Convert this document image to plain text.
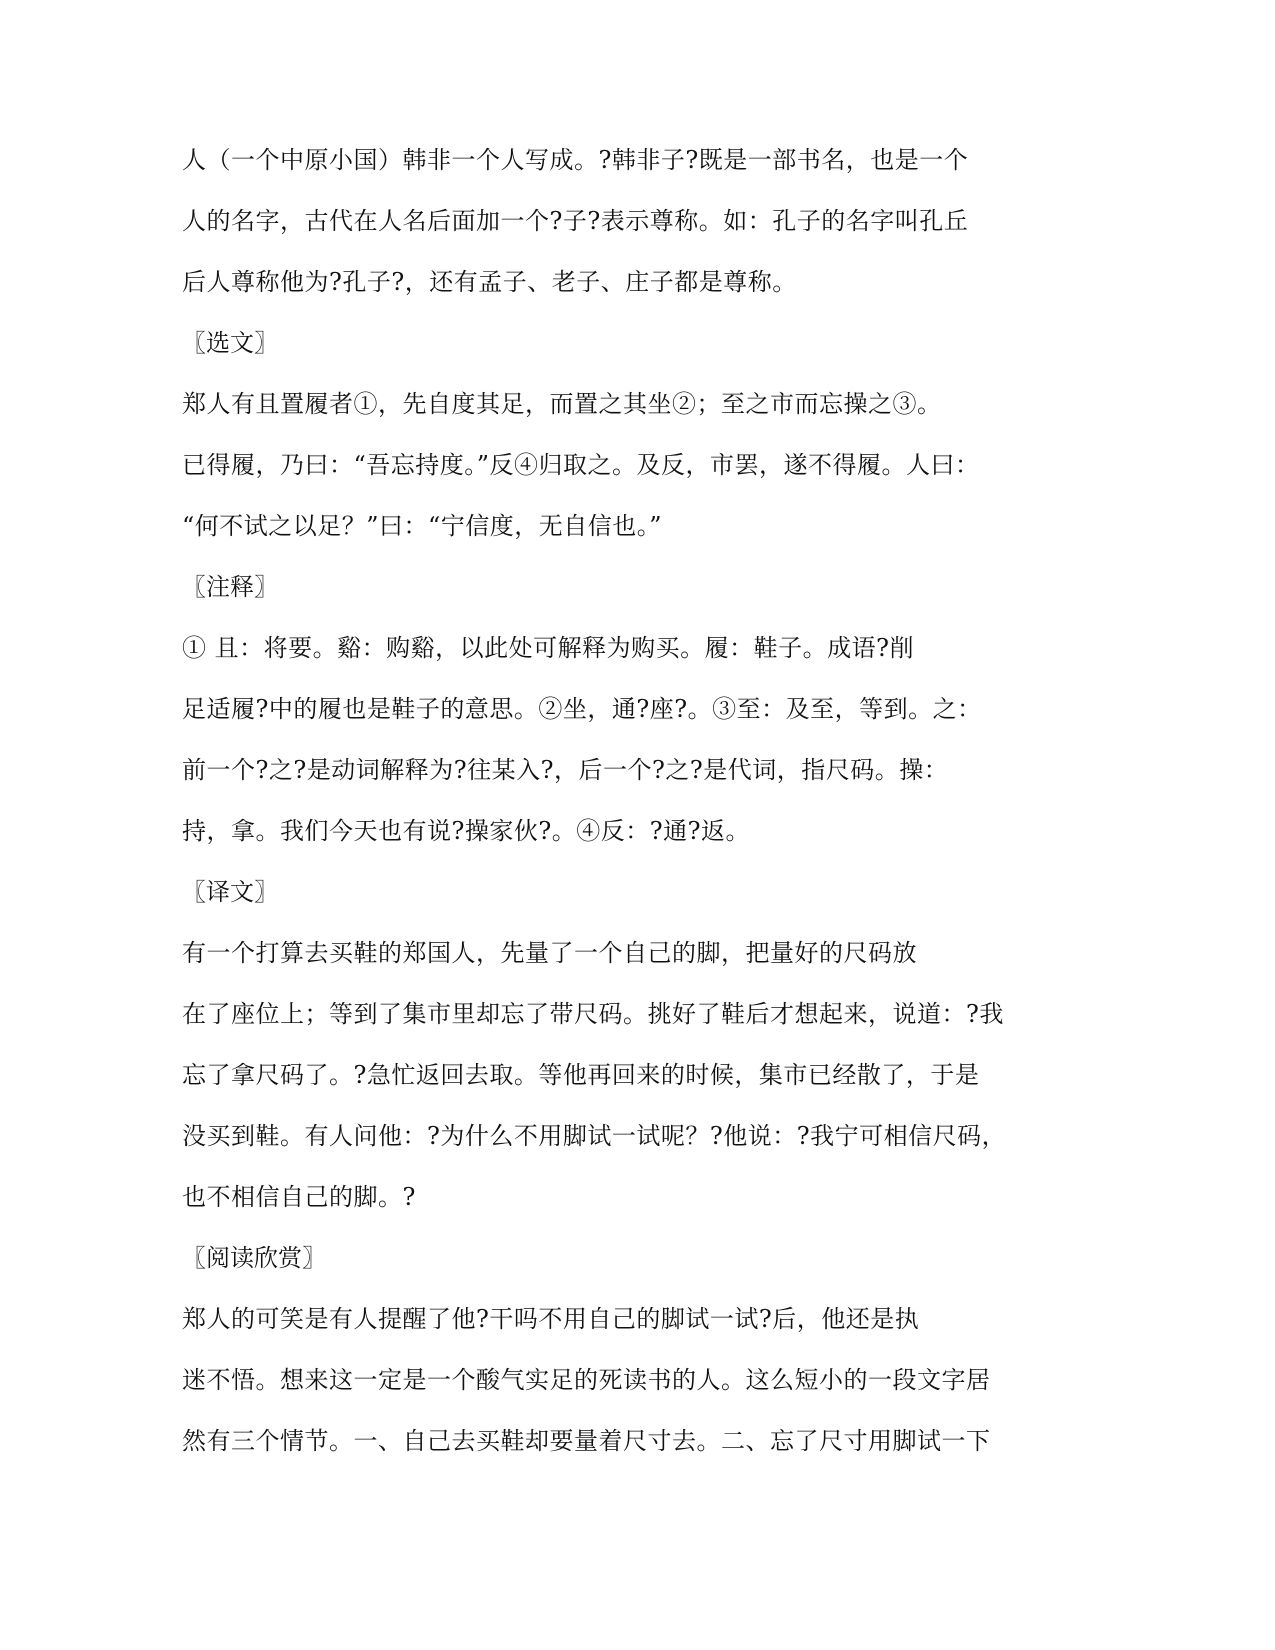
人（一个中原小国）韩非一个人写成。?韩非子?既是一部书名，也是一个
人的名字，古代在人名后面加一个?子?表示尊称。如：孔子的名字叫孔丘
后人尊称他为?孔子?，还有孟子、老子、庄子都是尊称。
〖选文〗
郑人有且置履者①，先自度其足，而置之其坐②；至之市而忘操之③。
已得履，乃曰：“吾忘持度。”反④归取之。及反，市罢，遂不得履。人曰：
“何不试之以足？”曰：“宁信度，无自信也。”
〖注释〗
① 且：将要。谿：购谿，以此处可解释为购买。履：鞋子。成语?削
足适履?中的履也是鞋子的意思。②坐，通?座?。③至：及至，等到。之：
前一个?之?是动词解释为?往某入?，后一个?之?是代词，指尺码。操：
持，拿。我们今天也有说?操家伙?。④反：?通?返。
〖译文〗
有一个打算去买鞋的郑国人，先量了一个自己的脚，把量好的尺码放
在了座位上；等到了集市里却忘了带尺码。挑好了鞋后才想起来，说道：?我
忘了拿尺码了。?急忙返回去取。等他再回来的时候，集市已经散了，于是
没买到鞋。有人问他：?为什么不用脚试一试呢？?他说：?我宁可相信尺码，
也不相信自己的脚。?
〖阅读欣赏〗
郑人的可笑是有人提醒了他?干吗不用自己的脚试一试?后，他还是执
迷不悟。想来这一定是一个酸气实足的死读书的人。这么短小的一段文字居
然有三个情节。一、自己去买鞋却要量着尺寸去。二、忘了尺寸用脚试一下
